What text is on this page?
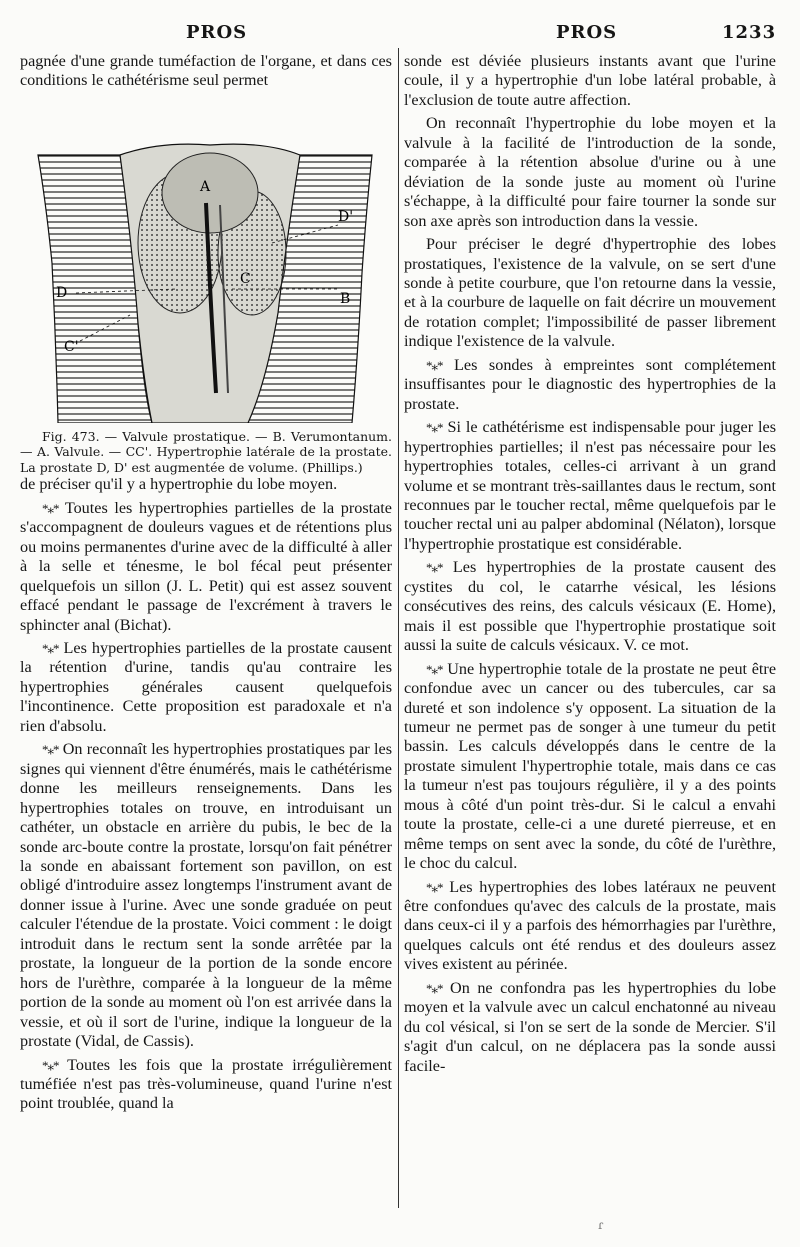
PROS	PROS	1233

pagnée d'une grande tuméfaction de l'organe, et dans ces conditions le cathétérisme seul permet

A
C
B
D
D'
C'

Fig. 473. — Valvule prostatique. — B. Verumontanum. — A. Valvule. — CC'. Hypertrophie latérale de la prostate. La prostate D, D' est augmentée de volume. (Phillips.)

de préciser qu'il y a hypertrophie du lobe moyen.

*⁎* Toutes les hypertrophies partielles de la prostate s'accompagnent de douleurs vagues et de rétentions plus ou moins permanentes d'urine avec de la difficulté à aller à la selle et ténesme, le bol fécal peut présenter quelquefois un sillon (J. L. Petit) qui est assez souvent effacé pendant le passage de l'excrément à travers le sphincter anal (Bichat).

*⁎* Les hypertrophies partielles de la prostate causent la rétention d'urine, tandis qu'au contraire les hypertrophies générales causent quelquefois l'incontinence. Cette proposition est paradoxale et n'a rien d'absolu.

*⁎* On reconnaît les hypertrophies prostatiques par les signes qui viennent d'être énumérés, mais le cathétérisme donne les meilleurs renseignements. Dans les hypertrophies totales on trouve, en introduisant un cathéter, un obstacle en arrière du pubis, le bec de la sonde arc-boute contre la prostate, lorsqu'on fait pénétrer la sonde en abaissant fortement son pavillon, on est obligé d'introduire assez longtemps l'instrument avant de donner issue à l'urine. Avec une sonde graduée on peut calculer l'étendue de la prostate. Voici comment : le doigt introduit dans le rectum sent la sonde arrêtée par la prostate, la longueur de la portion de la sonde encore hors de l'urèthre, comparée à la longueur de la même portion de la sonde au moment où l'on est arrivée dans la vessie, et où il sort de l'urine, indique la longueur de la prostate (Vidal, de Cassis).

*⁎* Toutes les fois que la prostate irrégulièrement tuméfiée n'est pas très-volumineuse, quand l'urine n'est point troublée, quand la

sonde est déviée plusieurs instants avant que l'urine coule, il y a hypertrophie d'un lobe latéral probable, à l'exclusion de toute autre affection.

On reconnaît l'hypertrophie du lobe moyen et la valvule à la facilité de l'introduction de la sonde, comparée à la rétention absolue d'urine ou à une déviation de la sonde juste au moment où l'urine s'échappe, à la difficulté pour faire tourner la sonde sur son axe après son introduction dans la vessie.

Pour préciser le degré d'hypertrophie des lobes prostatiques, l'existence de la valvule, on se sert d'une sonde à petite courbure, que l'on retourne dans la vessie, et à la courbure de laquelle on fait décrire un mouvement de rotation complet; l'impossibilité de passer librement indique l'existence de la valvule.

*⁎* Les sondes à empreintes sont complétement insuffisantes pour le diagnostic des hypertrophies de la prostate.

*⁎* Si le cathétérisme est indispensable pour juger les hypertrophies partielles; il n'est pas nécessaire pour les hypertrophies totales, celles-ci arrivant à un grand volume et se montrant très-saillantes daus le rectum, sont reconnues par le toucher rectal, même quelquefois par le toucher rectal uni au palper abdominal (Nélaton), lorsque l'hypertrophie prostatique est considérable.

*⁎* Les hypertrophies de la prostate causent des cystites du col, le catarrhe vésical, les lésions consécutives des reins, des calculs vésicaux (E. Home), mais il est possible que l'hypertrophie prostatique soit aussi la suite de calculs vésicaux. V. ce mot.

*⁎* Une hypertrophie totale de la prostate ne peut être confondue avec un cancer ou des tubercules, car sa dureté et son indolence s'y opposent. La situation de la tumeur ne permet pas de songer à une tumeur du petit bassin. Les calculs développés dans le centre de la prostate simulent l'hypertrophie totale, mais dans ce cas la tumeur n'est pas toujours régulière, il y a des points mous à côté d'un point très-dur. Si le calcul a envahi toute la prostate, celle-ci a une dureté pierreuse, et en même temps on sent avec la sonde, du côté de l'urèthre, le choc du calcul.

*⁎* Les hypertrophies des lobes latéraux ne peuvent être confondues qu'avec des calculs de la prostate, mais dans ceux-ci il y a parfois des hémorrhagies par l'urèthre, quelques calculs ont été rendus et des douleurs assez vives existent au périnée.

*⁎* On ne confondra pas les hypertrophies du lobe moyen et la valvule avec un calcul enchatonné au niveau du col vésical, si l'on se sert de la sonde de Mercier. S'il s'agit d'un calcul, on ne déplacera pas la sonde aussi facile-

ɾ
